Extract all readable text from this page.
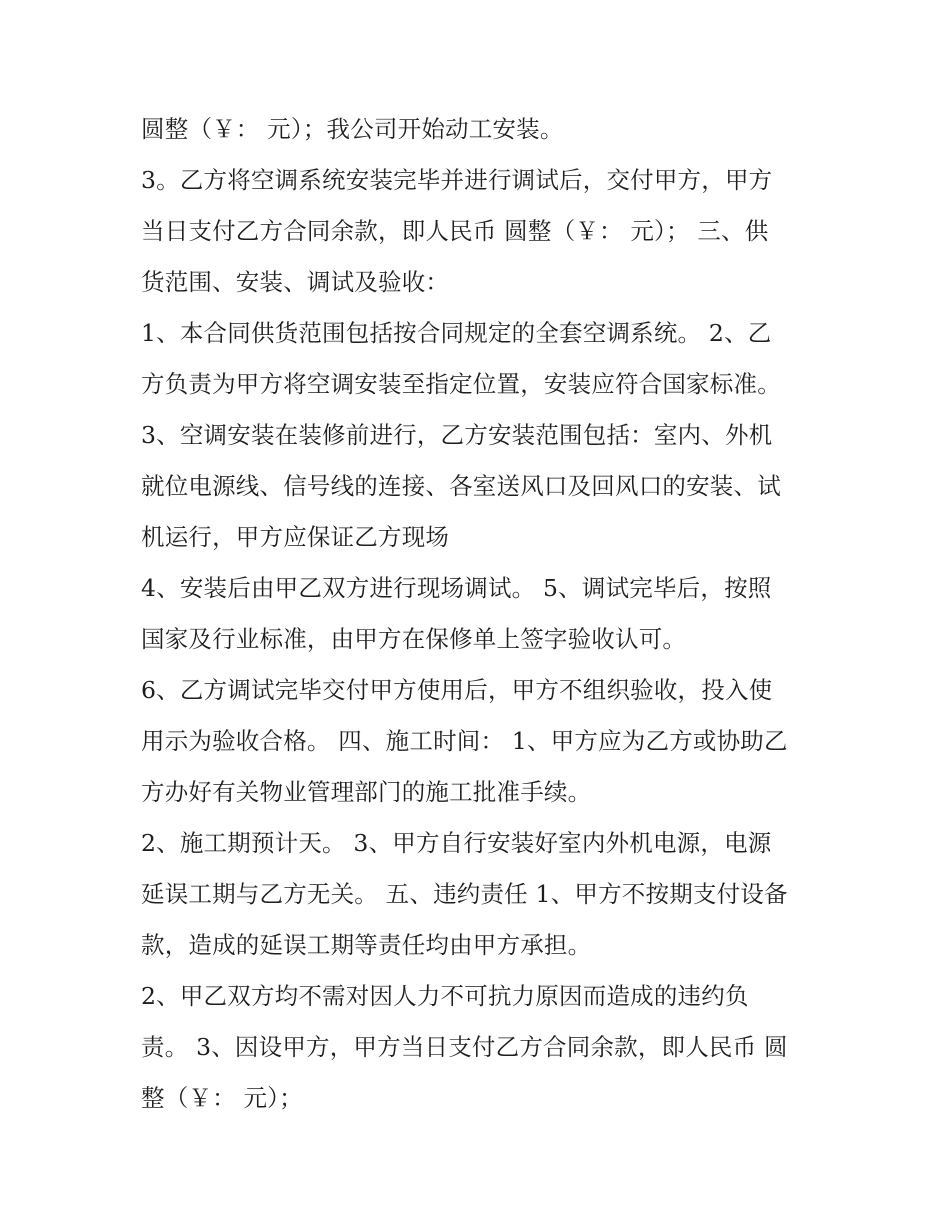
圆整（￥： 元）；我公司开始动工安装。
3。乙方将空调系统安装完毕并进行调试后，交付甲方，甲方
当日支付乙方合同余款，即人民币 圆整（￥： 元）； 三、供
货范围、安装、调试及验收：
1、本合同供货范围包括按合同规定的全套空调系统。 2、乙
方负责为甲方将空调安装至指定位置，安装应符合国家标准。
3、空调安装在装修前进行，乙方安装范围包括：室内、外机
就位电源线、信号线的连接、各室送风口及回风口的安装、试
机运行，甲方应保证乙方现场
4、安装后由甲乙双方进行现场调试。 5、调试完毕后，按照
国家及行业标准，由甲方在保修单上签字验收认可。
6、乙方调试完毕交付甲方使用后，甲方不组织验收，投入使
用示为验收合格。 四、施工时间： 1、甲方应为乙方或协助乙
方办好有关物业管理部门的施工批准手续。
2、施工期预计天。 3、甲方自行安装好室内外机电源，电源
延误工期与乙方无关。 五、违约责任 1、甲方不按期支付设备
款，造成的延误工期等责任均由甲方承担。
2、甲乙双方均不需对因人力不可抗力原因而造成的违约负
责。 3、因设甲方，甲方当日支付乙方合同余款，即人民币 圆
整（￥： 元）；
